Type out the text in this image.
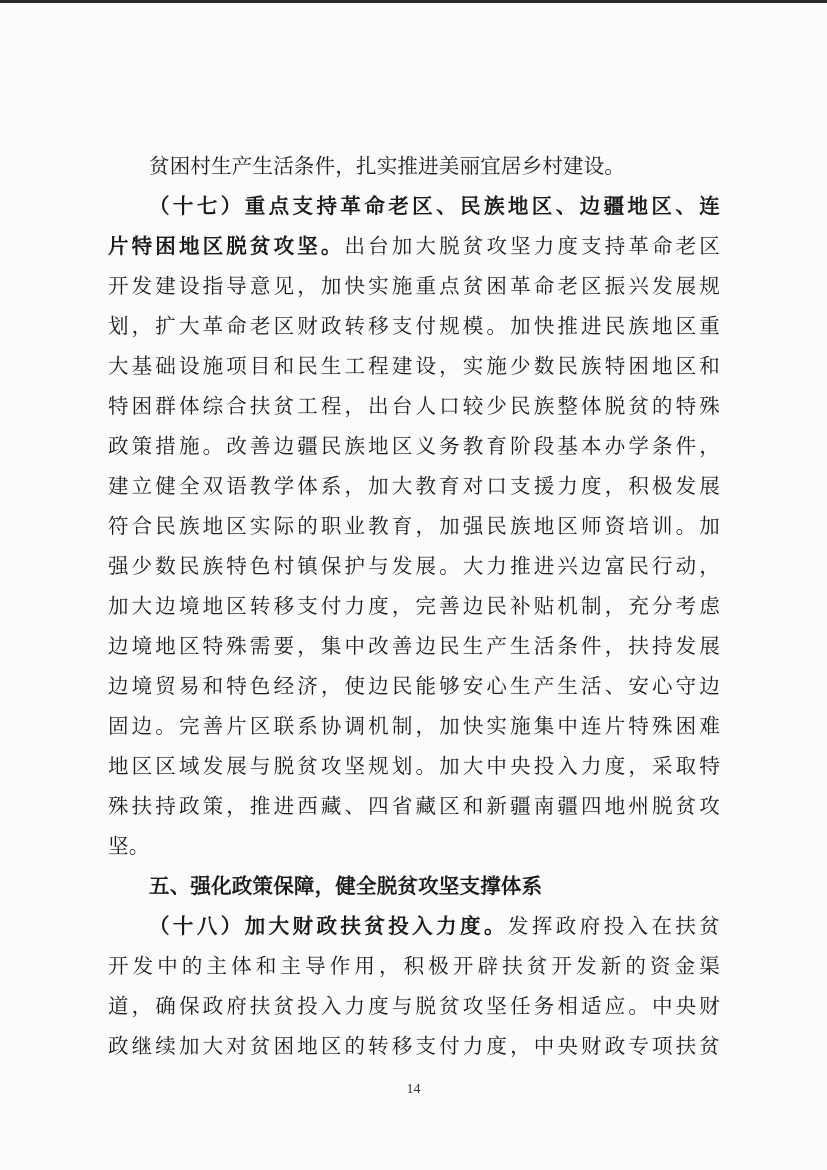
贫困村生产生活条件，扎实推进美丽宜居乡村建设。
（十七）重点支持革命老区、民族地区、边疆地区、连
片特困地区脱贫攻坚。出台加大脱贫攻坚力度支持革命老区
开发建设指导意见，加快实施重点贫困革命老区振兴发展规
划，扩大革命老区财政转移支付规模。加快推进民族地区重
大基础设施项目和民生工程建设，实施少数民族特困地区和
特困群体综合扶贫工程，出台人口较少民族整体脱贫的特殊
政策措施。改善边疆民族地区义务教育阶段基本办学条件，
建立健全双语教学体系，加大教育对口支援力度，积极发展
符合民族地区实际的职业教育，加强民族地区师资培训。加
强少数民族特色村镇保护与发展。大力推进兴边富民行动，
加大边境地区转移支付力度，完善边民补贴机制，充分考虑
边境地区特殊需要，集中改善边民生产生活条件，扶持发展
边境贸易和特色经济，使边民能够安心生产生活、安心守边
固边。完善片区联系协调机制，加快实施集中连片特殊困难
地区区域发展与脱贫攻坚规划。加大中央投入力度，采取特
殊扶持政策，推进西藏、四省藏区和新疆南疆四地州脱贫攻
坚。
五、强化政策保障，健全脱贫攻坚支撑体系
（十八）加大财政扶贫投入力度。发挥政府投入在扶贫
开发中的主体和主导作用，积极开辟扶贫开发新的资金渠
道，确保政府扶贫投入力度与脱贫攻坚任务相适应。中央财
政继续加大对贫困地区的转移支付力度，中央财政专项扶贫
14
